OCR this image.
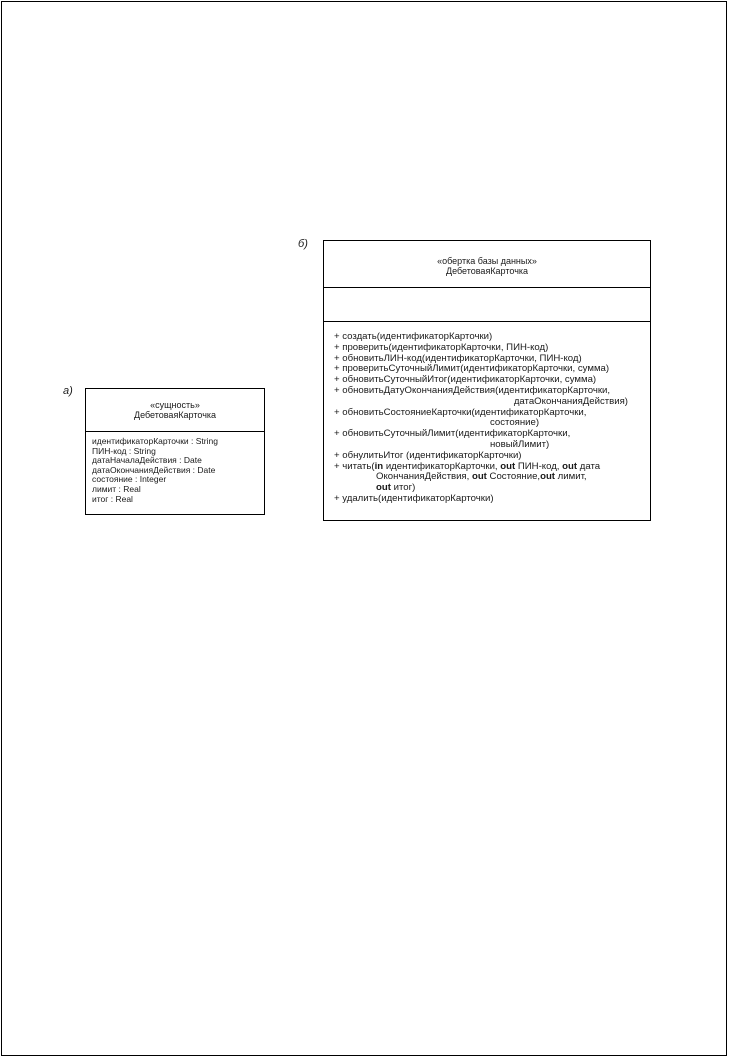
а)
«сущность»
ДебетоваяКарточка
идентификаторКарточки : String
ПИН-код : String
датаНачалаДействия : Date
датаОкончанияДействия : Date
состояние : Integer
лимит : Real
итог : Real
б)
«обертка базы данных»
ДебетоваяКарточка
+ создать(идентификаторКарточки)
+ проверить(идентификаторКарточки, ПИН-код)
+ обновитьЛИН-код(идентификаторКарточки, ПИН-код)
+ проверитьСуточныйЛимит(идентификаторКарточки, сумма)
+ обновитьСуточныйИтог(идентификаторКарточки, сумма)
+ обновитьДатуОкончанияДействия(идентификаторКарточки,
датаОкончанияДействия)
+ обновитьСостояниеКарточки(идентификаторКарточки,
состояние)
+ обновитьСуточныйЛимит(идентификаторКарточки,
новыйЛимит)
+ обнулитьИтог (идентификаторКарточки)
+ читать(in идентификаторКарточки, out ПИН-код, out дата
ОкончанияДействия, out Состояние,out лимит,
out итог)
+ удалить(идентификаторКарточки)
